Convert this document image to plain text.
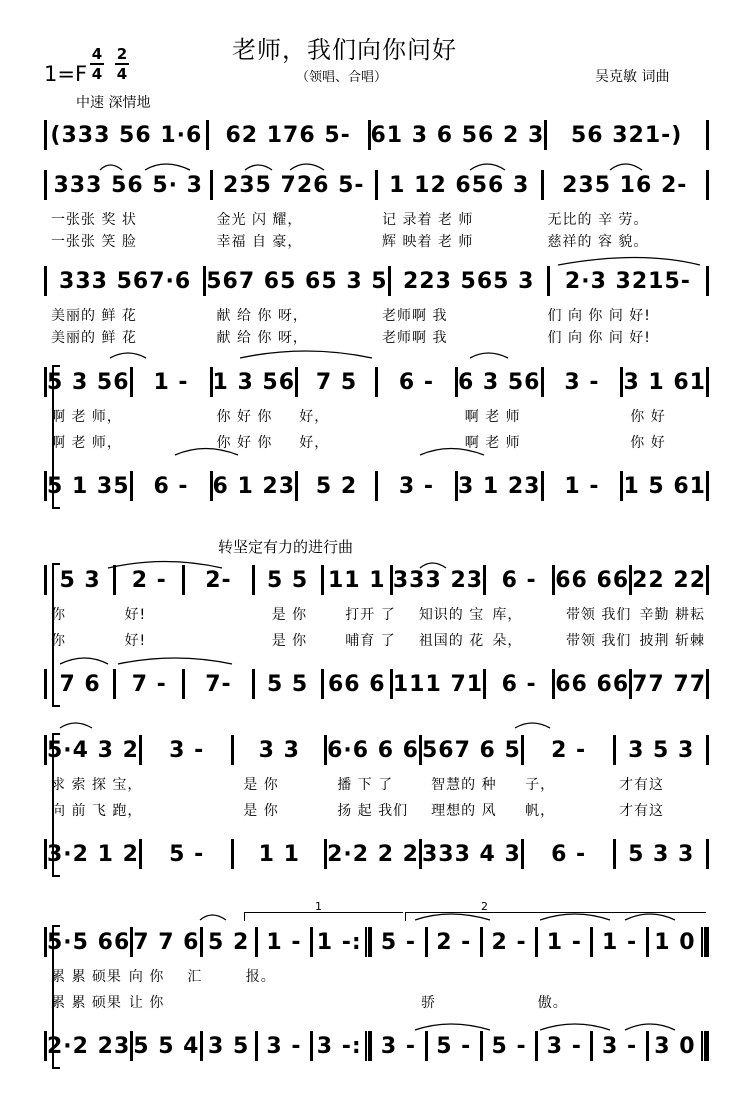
老师，我们向你问好
（领唱、合唱）	吴克敏 词曲
1=F
4
4
2
4
中速 深情地
转坚定有力的进行曲
(333 56 1·6	62 176 5- 61 3 6 56 2 3	56 321-)
333 56 5· 3 235 726 5-	1 12 656 3	235 16 2-
一张张 奖 状	金光 闪 耀，	记 录着 老 师	无比的 辛 劳。
一张张 笑 脸	幸福 自 豪，	辉 映着 老 师	慈祥的 容 貌。
333 567·6 567 65 65 3 5 223 565 3	2·3 3215-
美丽的 鲜 花	献 给 你 呀，	老师啊 我	们 向 你 问 好!
美丽的 鲜 花	献 给 你 呀，	老师啊 我	们 向 你 问 好!
5 3 56	1 -	1 3 56 7 5	6 -	6 3 56	3 -	3 1 61
啊 老 师，	你 好 你	好，	啊 老 师	你 好
啊 老 师，	你 好 你	好，	啊 老 师	你 好
5 1 35	6 -	6 1 23 5 2	3 -	3 1 23	1 -	1 5 61
5 3	2 -	2-	5 5 11 1 333 23 6 - 66 66 22 22
你	好!	是 你	打开 了	知识的 宝 库，	带领 我们 辛勤 耕耘
你	好!	是 你	哺育 了	祖国的 花 朵，	带领 我们 披荆 斩棘
7 6	7 -	7-	5 5 66 6 111 71 6 - 66 66 77 77
5·4 3 2	3 -	3 3	6·6 6 6 567 6 5	2 -	3 5 3
求 索 探 宝，	是 你	播 下 了	智慧的 种	子，	才有这
向 前 飞 跑，	是 你	扬 起 我们	理想的 风	帆，	才有这
3·2 1 2	5 -	1 1	2·2 2 2 333 4 3	6 -	5 3 3
5·5 66 7 7 6 5 2 1 - 1 -: 5 - 2 - 2 - 1 - 1 - 1 0
累 累 硕果 向 你	汇	报。
累 累 硕果 让 你	骄	傲。
2·2 23 5 5 4 3 5 3 - 3 -: 3 - 5 - 5 - 3 - 3 - 3 0
1	2
